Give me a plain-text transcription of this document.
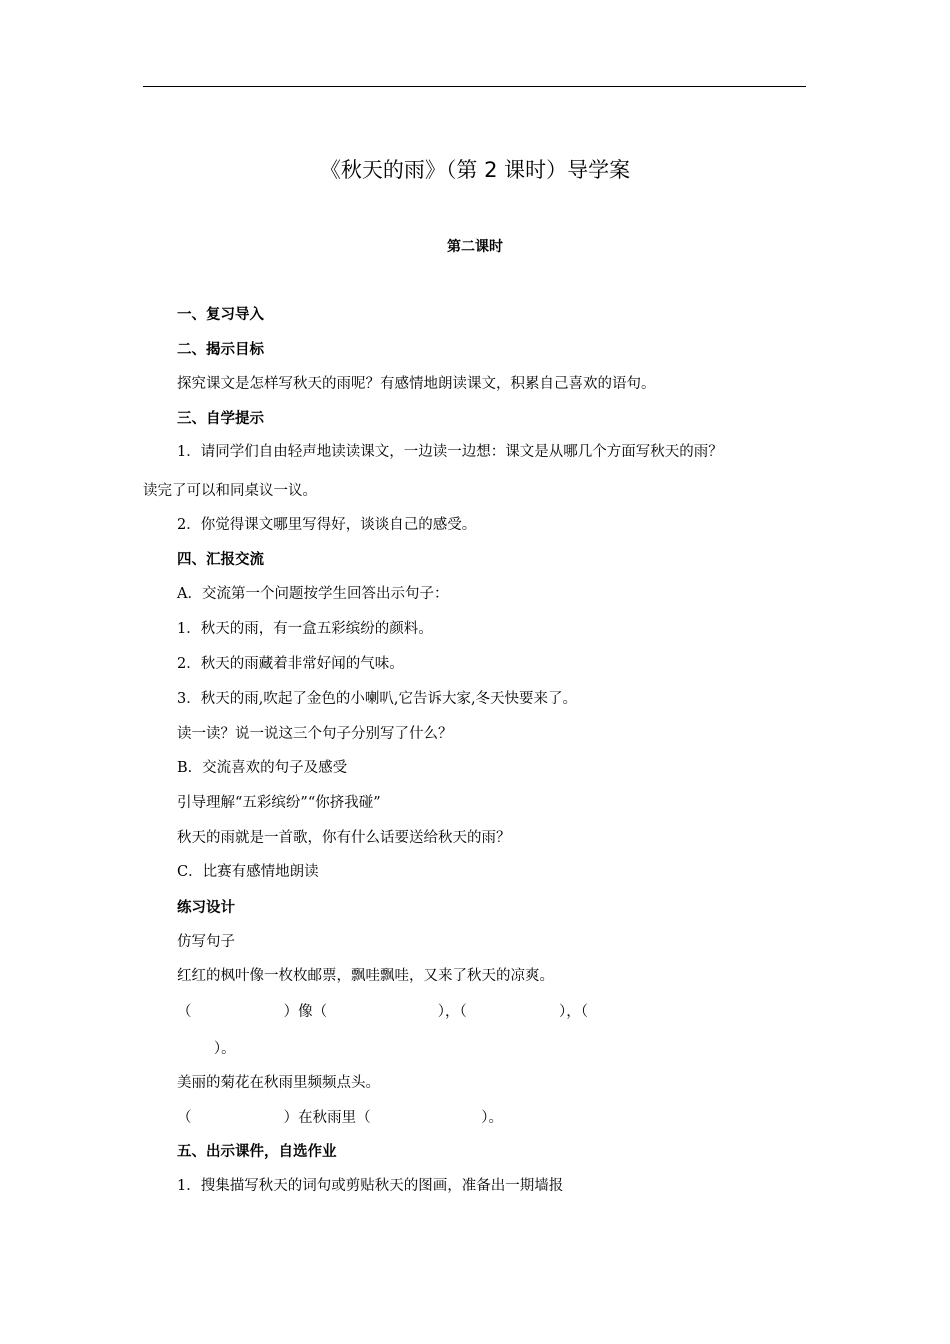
《秋天的雨》（第 2 课时）导学案
第二课时
一、复习导入
二、揭示目标
探究课文是怎样写秋天的雨呢？有感情地朗读课文，积累自己喜欢的语句。
三、自学提示
1．请同学们自由轻声地读读课文，一边读一边想：课文是从哪几个方面写秋天的雨？
读完了可以和同桌议一议。
2．你觉得课文哪里写得好，谈谈自己的感受。
四、汇报交流
A．交流第一个问题按学生回答出示句子：
1．秋天的雨，有一盒五彩缤纷的颜料。
2．秋天的雨藏着非常好闻的气味。
3．秋天的雨,吹起了金色的小喇叭,它告诉大家,冬天快要来了。
读一读？说一说这三个句子分别写了什么？
B．交流喜欢的句子及感受
引导理解“五彩缤纷”“你挤我碰”
秋天的雨就是一首歌，你有什么话要送给秋天的雨？
C．比赛有感情地朗读
练习设计
仿写句子
红红的枫叶像一枚枚邮票，飘哇飘哇，又来了秋天的凉爽。
（                    ）像（                        ），（                    ），（
）。
美丽的菊花在秋雨里频频点头。
（                    ）在秋雨里（                        ）。
五、出示课件，自选作业
1．搜集描写秋天的词句或剪贴秋天的图画，准备出一期墙报
